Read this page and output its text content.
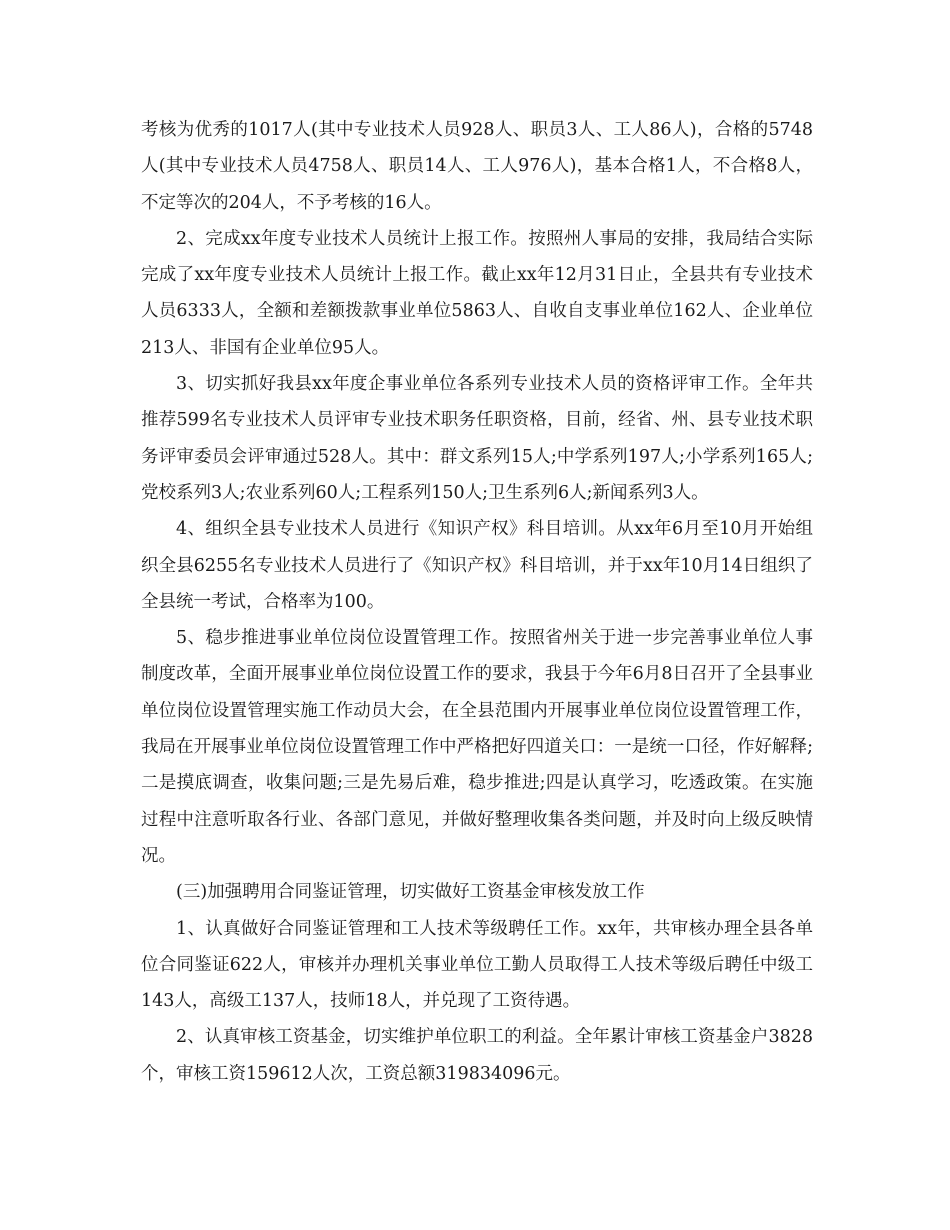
考核为优秀的1017人(其中专业技术人员928人、职员3人、工人86人)，合格的5748人(其中专业技术人员4758人、职员14人、工人976人)，基本合格1人，不合格8人，不定等次的204人，不予考核的16人。

2、完成xx年度专业技术人员统计上报工作。按照州人事局的安排，我局结合实际完成了xx年度专业技术人员统计上报工作。截止xx年12月31日止，全县共有专业技术人员6333人，全额和差额拨款事业单位5863人、自收自支事业单位162人、企业单位213人、非国有企业单位95人。

3、切实抓好我县xx年度企事业单位各系列专业技术人员的资格评审工作。全年共推荐599名专业技术人员评审专业技术职务任职资格，目前，经省、州、县专业技术职务评审委员会评审通过528人。其中：群文系列15人;中学系列197人;小学系列165人;党校系列3人;农业系列60人;工程系列150人;卫生系列6人;新闻系列3人。

4、组织全县专业技术人员进行《知识产权》科目培训。从xx年6月至10月开始组织全县6255名专业技术人员进行了《知识产权》科目培训，并于xx年10月14日组织了全县统一考试，合格率为100。

5、稳步推进事业单位岗位设置管理工作。按照省州关于进一步完善事业单位人事制度改革，全面开展事业单位岗位设置工作的要求，我县于今年6月8日召开了全县事业单位岗位设置管理实施工作动员大会，在全县范围内开展事业单位岗位设置管理工作，我局在开展事业单位岗位设置管理工作中严格把好四道关口：一是统一口径，作好解释;二是摸底调查，收集问题;三是先易后难，稳步推进;四是认真学习，吃透政策。在实施过程中注意听取各行业、各部门意见，并做好整理收集各类问题，并及时向上级反映情况。

(三)加强聘用合同鉴证管理，切实做好工资基金审核发放工作

1、认真做好合同鉴证管理和工人技术等级聘任工作。xx年，共审核办理全县各单位合同鉴证622人，审核并办理机关事业单位工勤人员取得工人技术等级后聘任中级工143人，高级工137人，技师18人，并兑现了工资待遇。

2、认真审核工资基金，切实维护单位职工的利益。全年累计审核工资基金户3828个，审核工资159612人次，工资总额319834096元。
